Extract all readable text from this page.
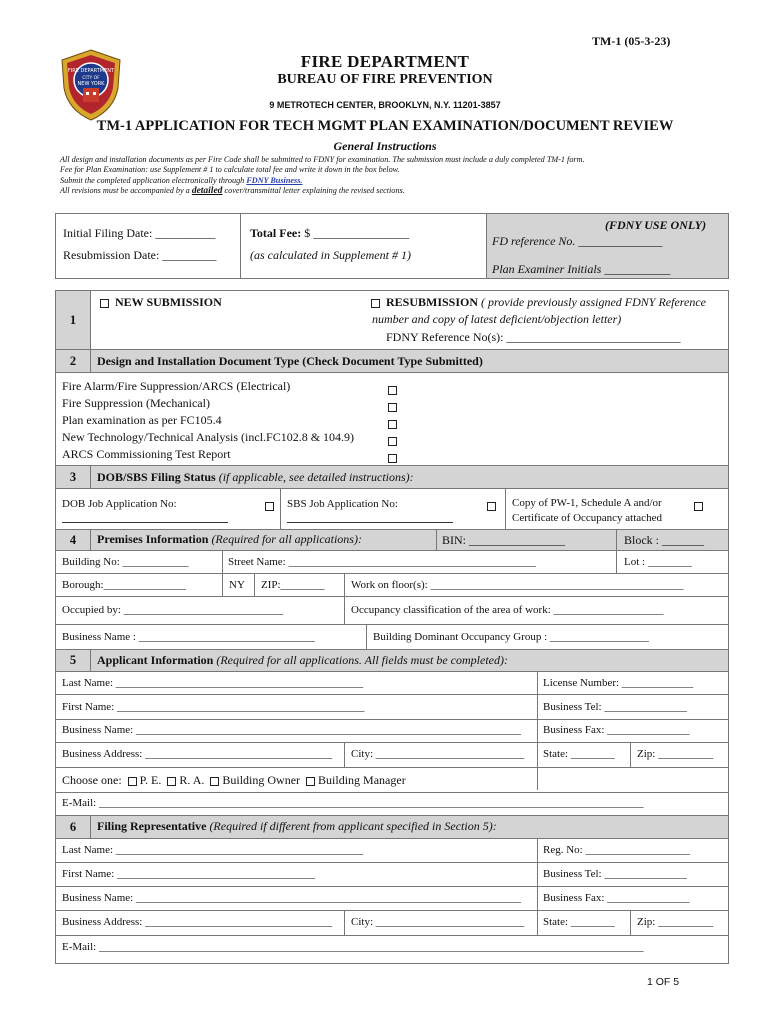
TM-1 (05-3-23)
FIRE DEPARTMENT
CITY OF
NEW YORK
FIRE DEPARTMENT
BUREAU OF FIRE PREVENTION
9 METROTECH CENTER, BROOKLYN, N.Y. 11201-3857
TM-1 APPLICATION FOR TECH MGMT PLAN EXAMINATION/DOCUMENT REVIEW
General Instructions
All design and installation documents as per Fire Code shall be submitted to FDNY for examination. The submission must include a duly completed TM-1 form.
Fee for Plan Examination: use Supplement # 1 to calculate total fee and write it down in the box below.
Submit the completed application electronically through FDNY Business.
All revisions must be accompanied by a detailed cover/transmittal letter explaining the revised sections.
Initial Filing Date: __________
Resubmission Date: _________
Total Fee: $ ________________
(as calculated in Supplement # 1)
(FDNY USE ONLY)
FD reference No. ______________
Plan Examiner Initials ___________
1
NEW SUBMISSION	RESUBMISSION ( provide previously assigned FDNY Reference
number and copy of latest deficient/objection letter)
FDNY Reference No(s): _____________________________
2	Design and Installation Document Type (Check Document Type Submitted)
Fire Alarm/Fire Suppression/ARCS (Electrical)
Fire Suppression (Mechanical)
Plan examination as per FC105.4
New Technology/Technical Analysis (incl.FC102.8 & 104.9)
ARCS Commissioning Test Report
3	DOB/SBS Filing Status (if applicable, see detailed instructions):
DOB Job Application No:	SBS Job Application No:	Copy of PW-1, Schedule A and/or
Certificate of Occupancy attached
4	Premises Information (Required for all applications):	BIN: ________________	Block : _______
Building No: ____________	Street Name: _____________________________________________	Lot : ________
Borough:_______________	NY ZIP:________ Work on floor(s): ______________________________________________
Occupied by: _____________________________	Occupancy classification of the area of work: ____________________
Business Name : ________________________________	Building Dominant Occupancy Group : __________________
5	Applicant Information (Required for all applications. All fields must be completed):
Last Name: _____________________________________________	License Number: _____________
First Name: _____________________________________________	Business Tel: _______________
Business Name: ______________________________________________________________________ Business Fax: _______________
Business Address: __________________________________ City: ___________________________ State: ________ Zip: __________
Choose one: P. E. R. A. Building Owner Building Manager
E-Mail: ___________________________________________________________________________________________________
6	Filing Representative (Required if different from applicant specified in Section 5):
Last Name: _____________________________________________	Reg. No: ___________________
First Name: ____________________________________	Business Tel: _______________
Business Name: ______________________________________________________________________ Business Fax: _______________
Business Address: __________________________________ City: ___________________________ State: ________ Zip: __________
E-Mail: ___________________________________________________________________________________________________
1 OF 5
